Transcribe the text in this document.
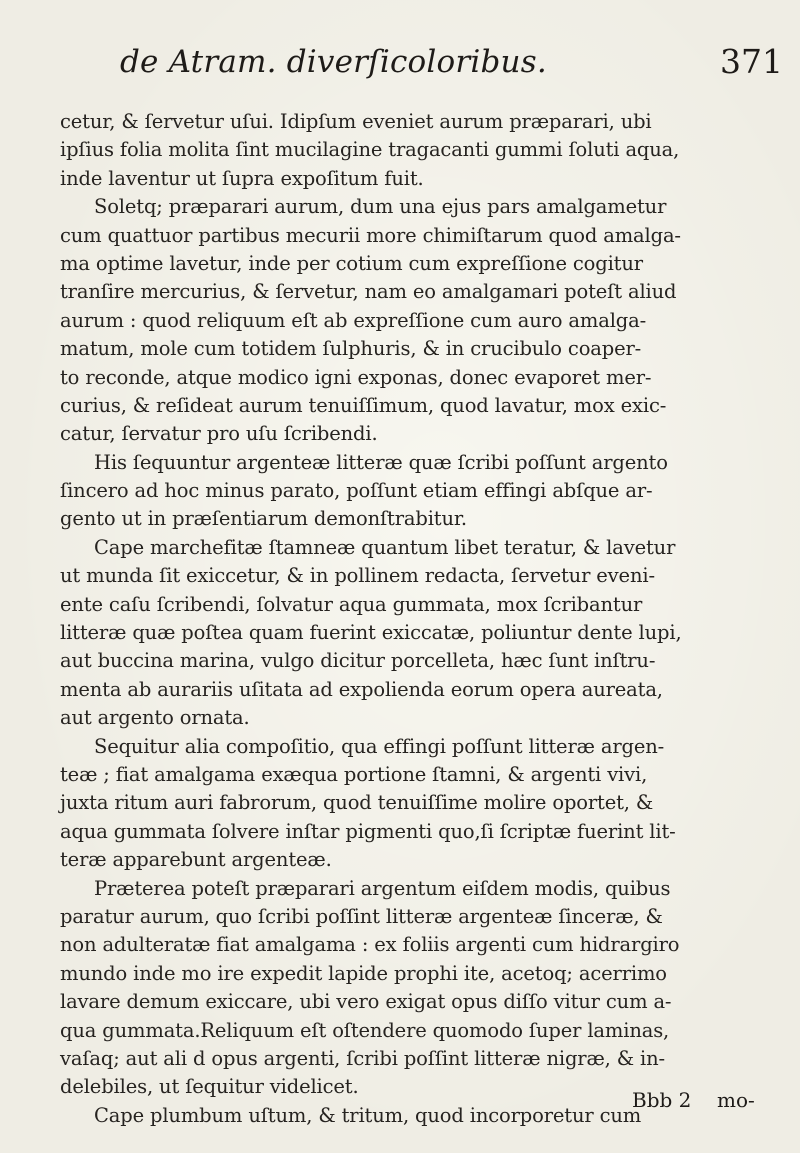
de Atram. diverſicoloribus.	371
cetur, & ſervetur uſui. Idipſum eveniet aurum præparari, ubi
ipſius folia molita ſint mucilagine tragacanti gummi ſoluti aqua,
inde laventur ut ſupra expoſitum fuit.
Soletq; præparari aurum, dum una ejus pars amalgametur
cum quattuor partibus mecurii more chimiſtarum quod amalga-
ma optime lavetur, inde per cotium cum expreſſione cogitur
tranſire mercurius, & ſervetur, nam eo amalgamari poteſt aliud
aurum : quod reliquum eſt ab expreſſione cum auro amalga-
matum, mole cum totidem ſulphuris, & in crucibulo coaper-
to reconde, atque modico igni exponas, donec evaporet mer-
curius, & reſideat aurum tenuiſſimum, quod lavatur, mox exic-
catur, ſervatur pro uſu ſcribendi.
His ſequuntur argenteæ litteræ quæ ſcribi poſſunt argento
ſincero ad hoc minus parato, poſſunt etiam effingi abſque ar-
gento ut in præſentiarum demonſtrabitur.
Cape marchefitæ ſtamneæ quantum libet teratur, & lavetur
ut munda ſit exiccetur, & in pollinem redacta, ſervetur eveni-
ente caſu ſcribendi, ſolvatur aqua gummata, mox ſcribantur
litteræ quæ poſtea quam fuerint exiccatæ, poliuntur dente lupi,
aut buccina marina, vulgo dicitur porcelleta, hæc ſunt inſtru-
menta ab aurariis uſitata ad expolienda eorum opera aureata,
aut argento ornata.
Sequitur alia compoſitio, qua effingi poſſunt litteræ argen-
teæ ; fiat amalgama exæqua portione ſtamni, & argenti vivi,
juxta ritum auri fabrorum, quod tenuiſſime molire oportet, &
aqua gummata ſolvere inſtar pigmenti quo,ſi ſcriptæ fuerint lit-
teræ apparebunt argenteæ.
Præterea poteſt præparari argentum eiſdem modis, quibus
paratur aurum, quo ſcribi poſſint litteræ argenteæ ſinceræ, &
non adulteratæ fiat amalgama : ex foliis argenti cum hidrargiro
mundo inde mo ire expedit lapide prophi ite, acetoq; acerrimo
lavare demum exiccare, ubi vero exigat opus diſſo vitur cum a-
qua gummata.Reliquum eſt oſtendere quomodo ſuper laminas,
vaſaq; aut ali d opus argenti, ſcribi poſſint litteræ nigræ, & in-
delebiles, ut ſequitur videlicet.
Cape plumbum uſtum, & tritum, quod incorporetur cum
Bbb 2 mo-
